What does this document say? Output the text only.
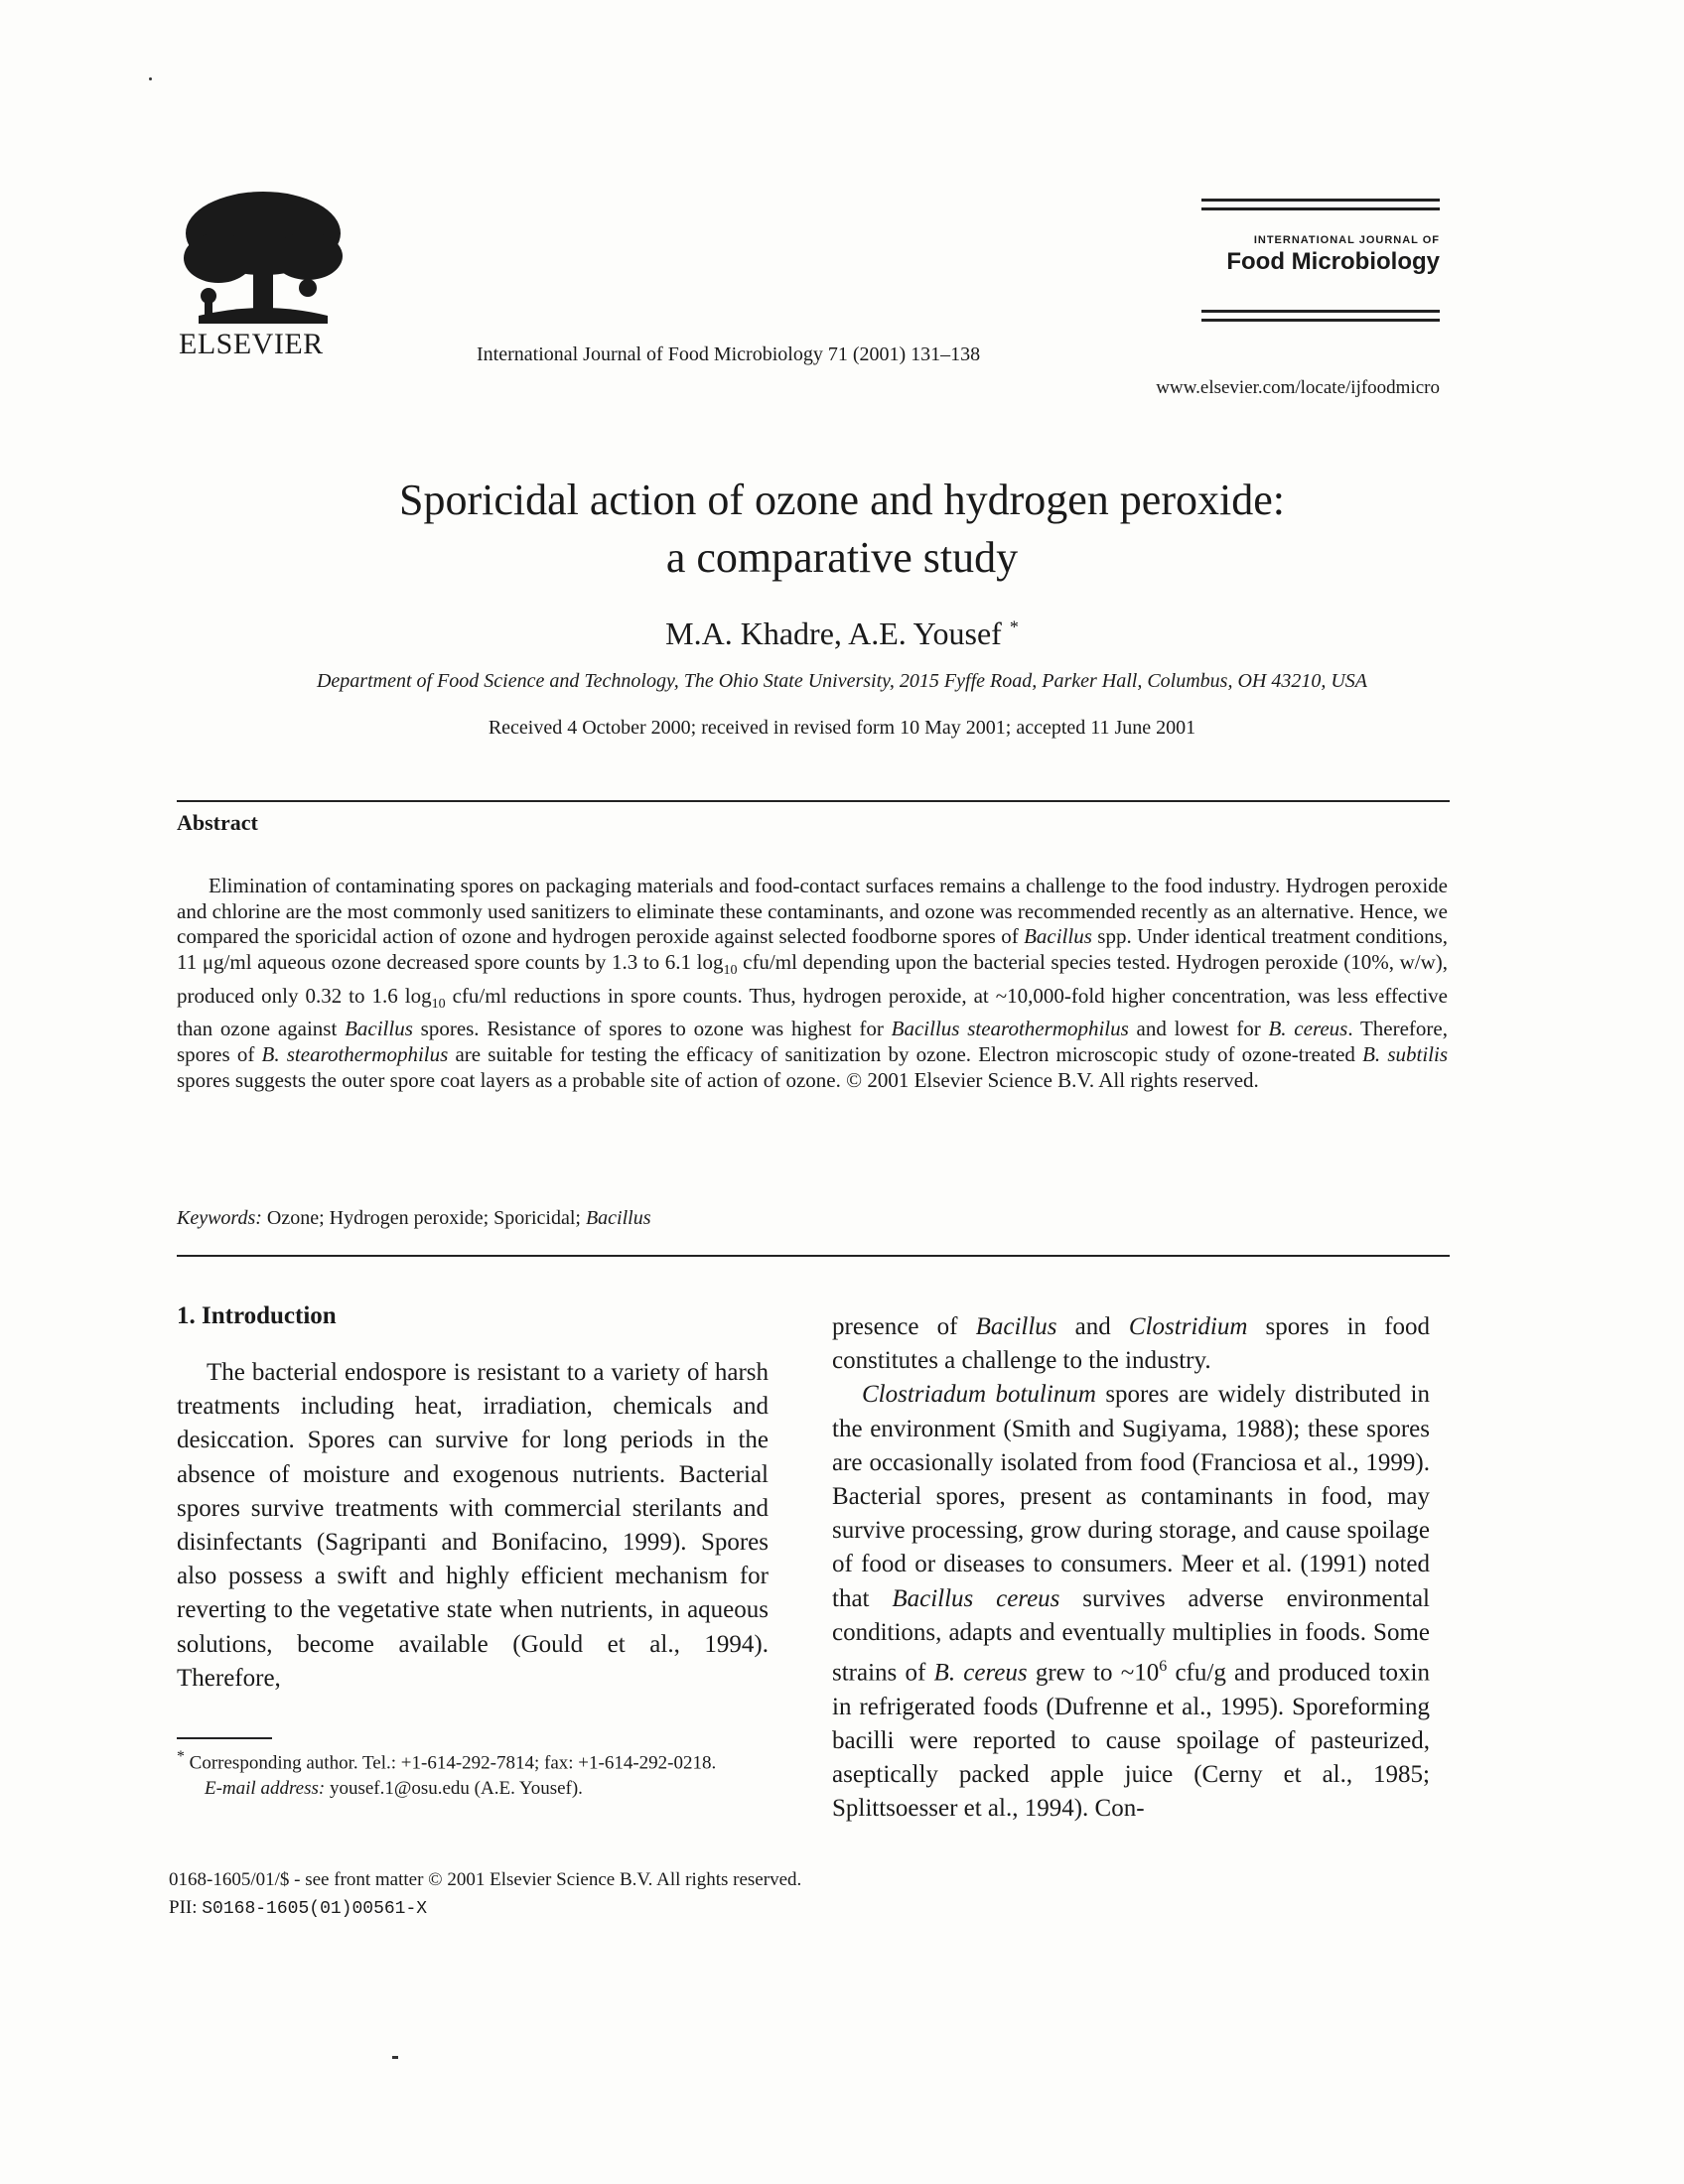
ELSEVIER	International Journal of Food Microbiology 71 (2001) 131–138
INTERNATIONAL JOURNAL OF
Food Microbiology
www.elsevier.com/locate/ijfoodmicro
Sporicidal action of ozone and hydrogen peroxide:
a comparative study
M.A. Khadre, A.E. Yousef *
Department of Food Science and Technology, The Ohio State University, 2015 Fyffe Road, Parker Hall, Columbus, OH 43210, USA
Received 4 October 2000; received in revised form 10 May 2001; accepted 11 June 2001
Abstract
Elimination of contaminating spores on packaging materials and food-contact surfaces remains a challenge to the food industry. Hydrogen peroxide and chlorine are the most commonly used sanitizers to eliminate these contaminants, and ozone was recommended recently as an alternative. Hence, we compared the sporicidal action of ozone and hydrogen peroxide against selected foodborne spores of Bacillus spp. Under identical treatment conditions, 11 μg/ml aqueous ozone decreased spore counts by 1.3 to 6.1 $\log_{10} cfu/ml$ depending upon the bacterial species tested. Hydrogen peroxide (10%, w/w), produced only 0.32 to 1.6 $\log_{10} cfu/ml$ reductions in spore counts. Thus, hydrogen peroxide, at ~10,000-fold higher concentration, was less effective than ozone against Bacillus spores. Resistance of spores to ozone was highest for Bacillus stearothermophilus and lowest for B. cereus. Therefore, spores of B. stearothermophilus are suitable for testing the efficacy of sanitization by ozone. Electron microscopic study of ozone-treated B. subtilis spores suggests the outer spore coat layers as a probable site of action of ozone. © 2001 Elsevier Science B.V. All rights reserved.
Keywords: Ozone; Hydrogen peroxide; Sporicidal; Bacillus
1. Introduction

The bacterial endospore is resistant to a variety of harsh treatments including heat, irradiation, chemicals and desiccation. Spores can survive for long periods in the absence of moisture and exogenous nutrients. Bacterial spores survive treatments with commercial sterilants and disinfectants (Sagripanti and Bonifacino, 1999). Spores also possess a swift and highly efficient mechanism for reverting to the vegetative state when nutrients, in aqueous solutions, become available (Gould et al., 1994). Therefore,

presence of Bacillus and Clostridium spores in food constitutes a challenge to the industry.

Clostriadum botulinum spores are widely distributed in the environment (Smith and Sugiyama, 1988); these spores are occasionally isolated from food (Franciosa et al., 1999). Bacterial spores, present as contaminants in food, may survive processing, grow during storage, and cause spoilage of food or diseases to consumers. Meer et al. (1991) noted that Bacillus cereus survives adverse environmental conditions, adapts and eventually multiplies in foods. Some strains of B. cereus grew to $\sim 10^6$ cfu/g and produced toxin in refrigerated foods (Dufrenne et al., 1995). Sporeforming bacilli were reported to cause spoilage of pasteurized, aseptically packed apple juice (Cerny et al., 1985; Splittsoesser et al., 1994). Con-

* Corresponding author. Tel.: +1-614-292-7814; fax: +1-614-292-0218.

E-mail address: yousef.1@osu.edu (A.E. Yousef).

0168-1605/01/$ - see front matter © 2001 Elsevier Science B.V. All rights reserved.
PII: S0168-1605(01)00561-X
